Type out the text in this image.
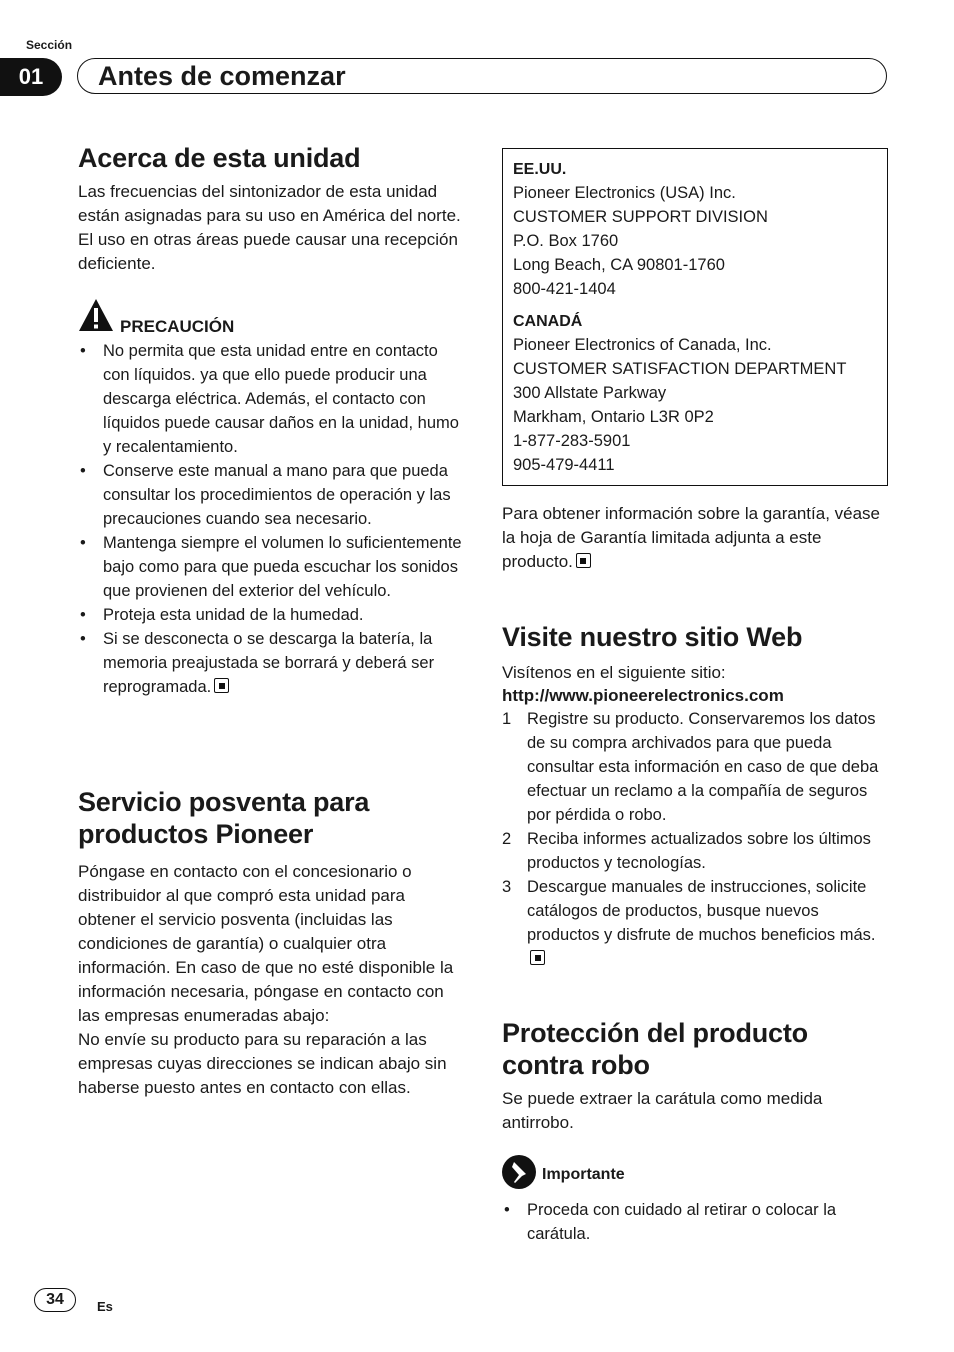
Sección
01	Antes de comenzar
Acerca de esta unidad

Las frecuencias del sintonizador de esta unidad están asignadas para su uso en América del norte. El uso en otras áreas puede causar una recepción deficiente.

PRECAUCIÓN
• No permita que esta unidad entre en contacto con líquidos. ya que ello puede producir una descarga eléctrica. Además, el contacto con líquidos puede causar daños en la unidad, humo y recalentamiento.
• Conserve este manual a mano para que pueda consultar los procedimientos de operación y las precauciones cuando sea necesario.
• Mantenga siempre el volumen lo suficientemente bajo como para que pueda escuchar los sonidos que provienen del exterior del vehículo.
• Proteja esta unidad de la humedad.
• Si se desconecta o se descarga la batería, la memoria preajustada se borrará y deberá ser reprogramada.
Servicio posventa para
productos Pioneer

Póngase en contacto con el concesionario o distribuidor al que compró esta unidad para obtener el servicio posventa (incluidas las condiciones de garantía) o cualquier otra información. En caso de que no esté disponible la información necesaria, póngase en contacto con las empresas enumeradas abajo:

No envíe su producto para su reparación a las empresas cuyas direcciones se indican abajo sin haberse puesto antes en contacto con ellas.

EE.UU.
Pioneer Electronics (USA) Inc.
CUSTOMER SUPPORT DIVISION
P.O. Box 1760
Long Beach, CA 90801-1760
800-421-1404
CANADÁ
Pioneer Electronics of Canada, Inc.
CUSTOMER SATISFACTION DEPARTMENT
300 Allstate Parkway
Markham, Ontario L3R 0P2
1-877-283-5901
905-479-4411

Para obtener información sobre la garantía, véase la hoja de Garantía limitada adjunta a este producto.

Visite nuestro sitio Web

Visítenos en el siguiente sitio:

http://www.pioneerelectronics.com
1 Registre su producto. Conservaremos los datos de su compra archivados para que pueda consultar esta información en caso de que deba efectuar un reclamo a la compañía de seguros por pérdida o robo.
2 Reciba informes actualizados sobre los últimos productos y tecnologías.
3 Descargue manuales de instrucciones, solicite catálogos de productos, busque nuevos productos y disfrute de muchos beneficios más.
Protección del producto
contra robo

Se puede extraer la carátula como medida antirrobo.

Importante
• Proceda con cuidado al retirar o colocar la carátula.
34	Es
